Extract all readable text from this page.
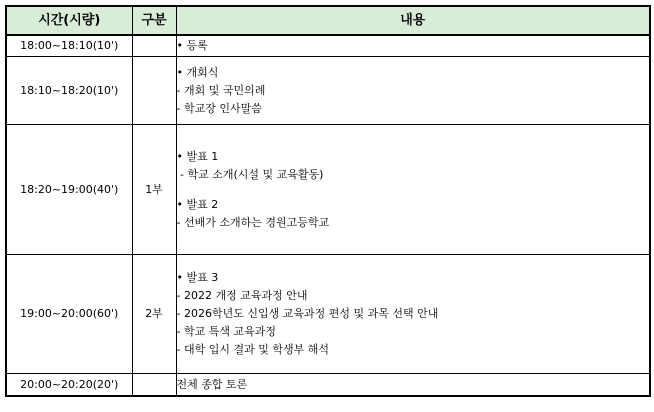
시간(시량)	구분	내용
18:00~18:10(10')		• 등록

18:10~18:20(10')		• 개회식
- 개회 및 국민의례
- 학교장 인사말씀

18:20~19:00(40')	1부	• 발표 1
- 학교 소개(시설 및 교육활동)
• 발표 2
- 선배가 소개하는 경원고등학교

19:00~20:00(60')	2부	• 발표 3
- 2022 개정 교육과정 안내
- 2026학년도 신입생 교육과정 편성 및 과목 선택 안내
- 학교 특색 교육과정
- 대학 입시 결과 및 학생부 해석

20:00~20:20(20')		전체 종합 토론
